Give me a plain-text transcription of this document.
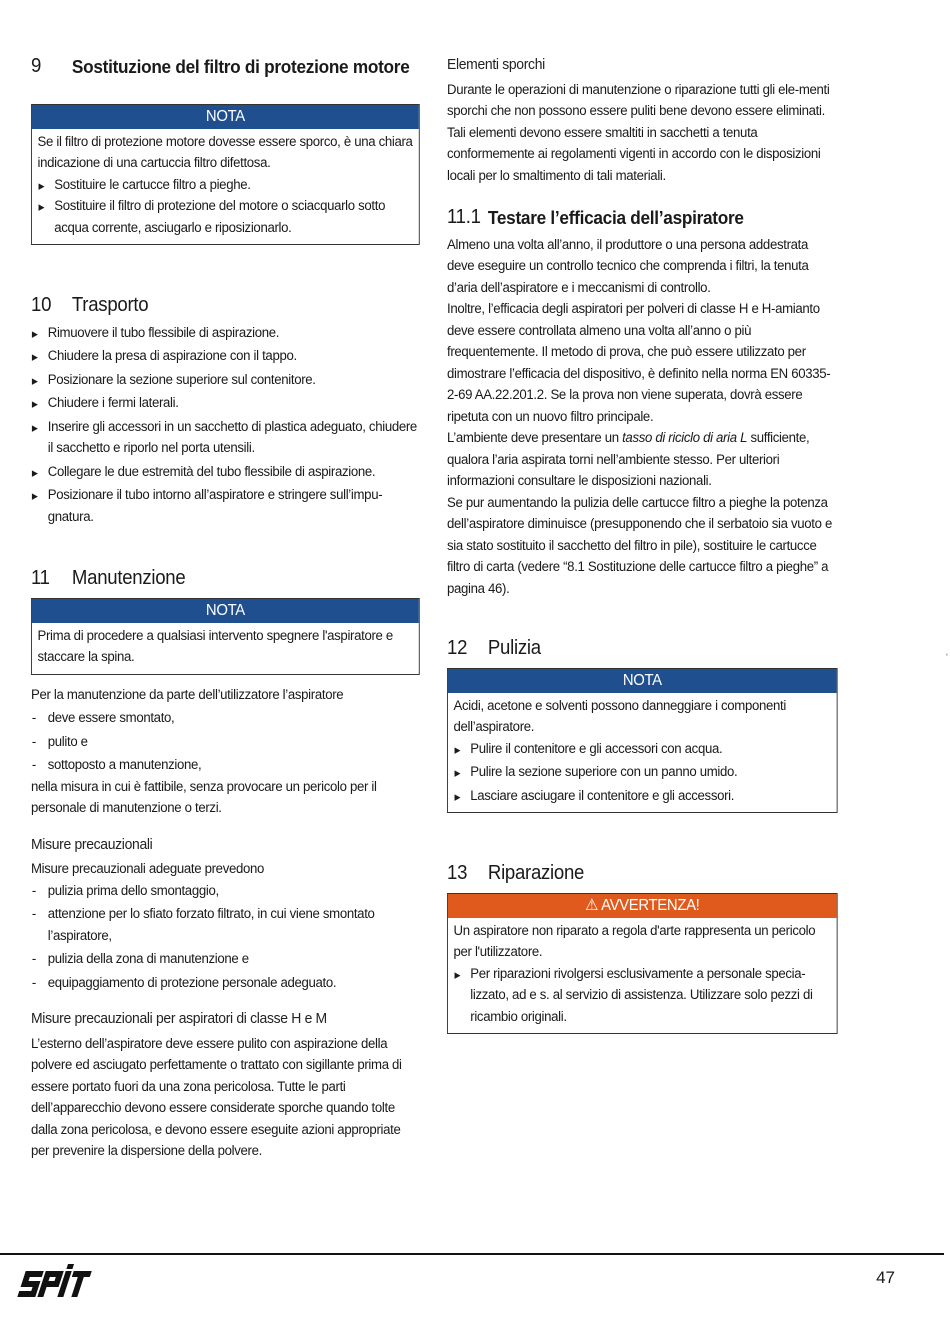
9	Sostituzione del filtro di protezione motore
NOTA

Se il filtro di protezione motore dovesse essere sporco, è una chiara indicazione di una cartuccia filtro difettosa.

▸ Sostituire le cartucce filtro a pieghe.
▸ Sostituire il filtro di protezione del motore o sciacquarlo sotto acqua corrente, asciugarlo e riposizionarlo.
10	Trasporto
▸ Rimuovere il tubo flessibile di aspirazione.
▸ Chiudere la presa di aspirazione con il tappo.
▸ Posizionare la sezione superiore sul contenitore.
▸ Chiudere i fermi laterali.
▸ Inserire gli accessori in un sacchetto di plastica adeguato, chiudere il sacchetto e riporlo nel porta utensili.
▸ Collegare le due estremità del tubo flessibile di aspirazione.
▸ Posizionare il tubo intorno all’aspiratore e stringere sull’impu-gnatura.
11	Manutenzione
NOTA

Prima di procedere a qualsiasi intervento spegnere l'aspiratore e staccare la spina.

Per la manutenzione da parte dell’utilizzatore l’aspiratore

- deve essere smontato,
- pulito e
- sottoposto a manutenzione,

nella misura in cui è fattibile, senza provocare un pericolo per il personale di manutenzione o terzi.

Misure precauzionali

Misure precauzionali adeguate prevedono

- pulizia prima dello smontaggio,
- attenzione per lo sfiato forzato filtrato, in cui viene smontato l’aspiratore,
- pulizia della zona di manutenzione e
- equipaggiamento di protezione personale adeguato.
Misure precauzionali per aspiratori di classe H e M

L’esterno dell’aspiratore deve essere pulito con aspirazione della polvere ed asciugato perfettamente o trattato con sigillante prima di essere portato fuori da una zona pericolosa. Tutte le parti dell’apparecchio devono essere considerate sporche quando tolte dalla zona pericolosa, e devono essere eseguite azioni appropriate per prevenire la dispersione della polvere.

Elementi sporchi

Durante le operazioni di manutenzione o riparazione tutti gli ele-menti sporchi che non possono essere puliti bene devono essere eliminati. Tali elementi devono essere smaltiti in sacchetti a tenuta conformemente ai regolamenti vigenti in accordo con le disposizioni locali per lo smaltimento di tali materiali.

11.1 Testare l’efficacia dell’aspiratore

Almeno una volta all’anno, il produttore o una persona addestrata deve eseguire un controllo tecnico che comprenda i filtri, la tenuta d’aria dell’aspiratore e i meccanismi di controllo.

Inoltre, l’efficacia degli aspiratori per polveri di classe H e H-amianto deve essere controllata almeno una volta all’anno o più frequentemente. Il metodo di prova, che può essere utilizzato per dimostrare l’efficacia del dispositivo, è definito nella norma EN 60335-2-69 AA.22.201.2. Se la prova non viene superata, dovrà essere ripetuta con un nuovo filtro principale.

L’ambiente deve presentare un tasso di riciclo di aria L sufficiente, qualora l’aria aspirata torni nell’ambiente stesso. Per ulteriori informazioni consultare le disposizioni nazionali.

Se pur aumentando la pulizia delle cartucce filtro a pieghe la potenza dell’aspiratore diminuisce (presupponendo che il serbatoio sia vuoto e sia stato sostituito il sacchetto del filtro in pile), sostituire le cartucce filtro di carta (vedere “8.1 Sostituzione delle cartucce filtro a pieghe” a pagina 46).

12	Pulizia
NOTA

Acidi, acetone e solventi possono danneggiare i componenti dell’aspiratore.

▸ Pulire il contenitore e gli accessori con acqua.
▸ Pulire la sezione superiore con un panno umido.
▸ Lasciare asciugare il contenitore e gli accessori.
13	Riparazione
⚠ AVVERTENZA!

Un aspiratore non riparato a regola d'arte rappresenta un pericolo per l'utilizzatore.

▸ Per riparazioni rivolgersi esclusivamente a personale specia-lizzato, ad e s. al servizio di assistenza. Utilizzare solo pezzi di ricambio originali.
‘
47
